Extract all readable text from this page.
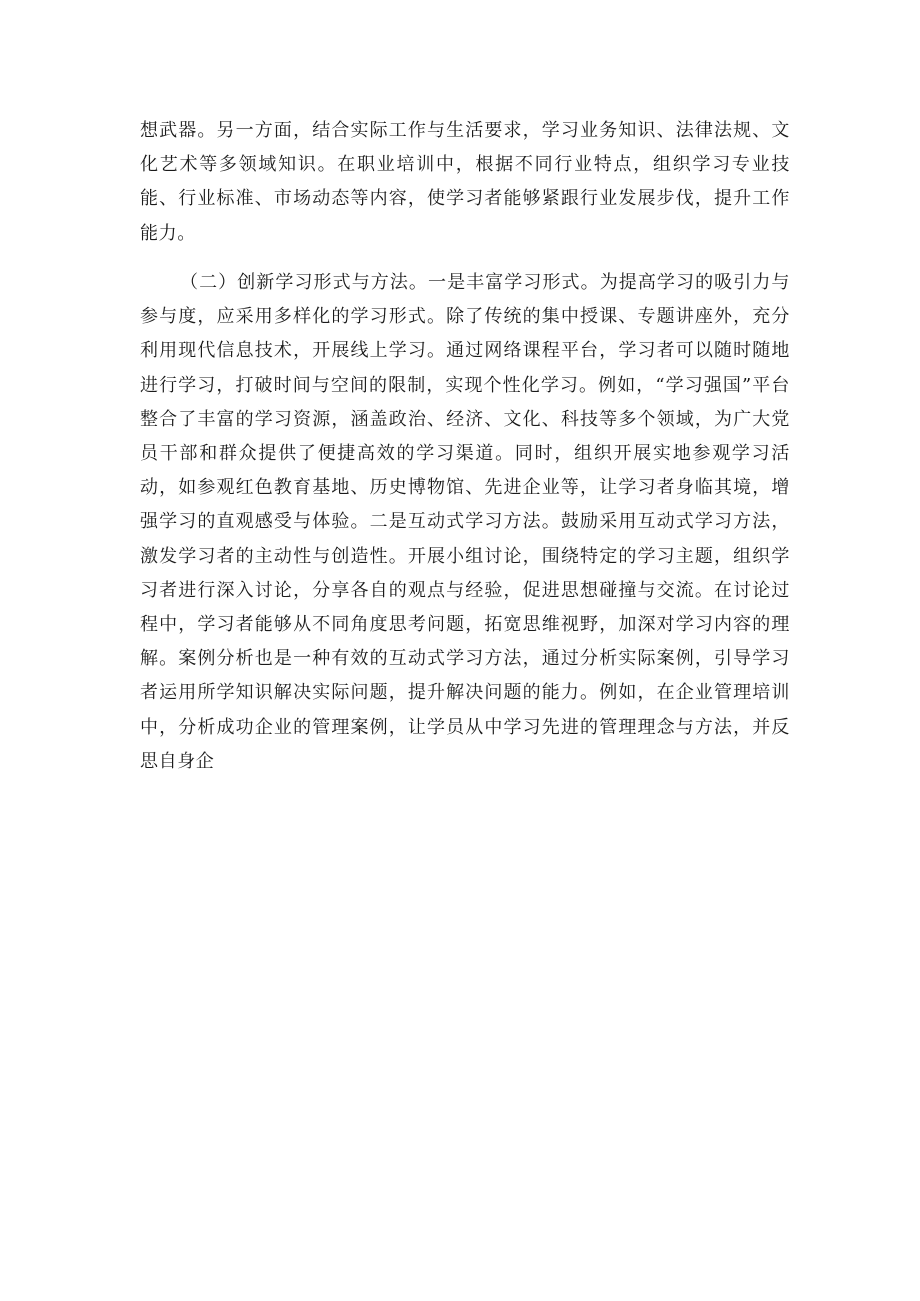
想武器。另一方面，结合实际工作与生活要求，学习业务知识、法律法规、文化艺术等多领域知识。在职业培训中，根据不同行业特点，组织学习专业技能、行业标准、市场动态等内容，使学习者能够紧跟行业发展步伐，提升工作能力。

（二）创新学习形式与方法。一是丰富学习形式。为提高学习的吸引力与参与度，应采用多样化的学习形式。除了传统的集中授课、专题讲座外，充分利用现代信息技术，开展线上学习。通过网络课程平台，学习者可以随时随地进行学习，打破时间与空间的限制，实现个性化学习。例如，“学习强国”平台整合了丰富的学习资源，涵盖政治、经济、文化、科技等多个领域，为广大党员干部和群众提供了便捷高效的学习渠道。同时，组织开展实地参观学习活动，如参观红色教育基地、历史博物馆、先进企业等，让学习者身临其境，增强学习的直观感受与体验。二是互动式学习方法。鼓励采用互动式学习方法，激发学习者的主动性与创造性。开展小组讨论，围绕特定的学习主题，组织学习者进行深入讨论，分享各自的观点与经验，促进思想碰撞与交流。在讨论过程中，学习者能够从不同角度思考问题，拓宽思维视野，加深对学习内容的理解。案例分析也是一种有效的互动式学习方法，通过分析实际案例，引导学习者运用所学知识解决实际问题，提升解决问题的能力。例如，在企业管理培训中，分析成功企业的管理案例，让学员从中学习先进的管理理念与方法，并反思自身企
